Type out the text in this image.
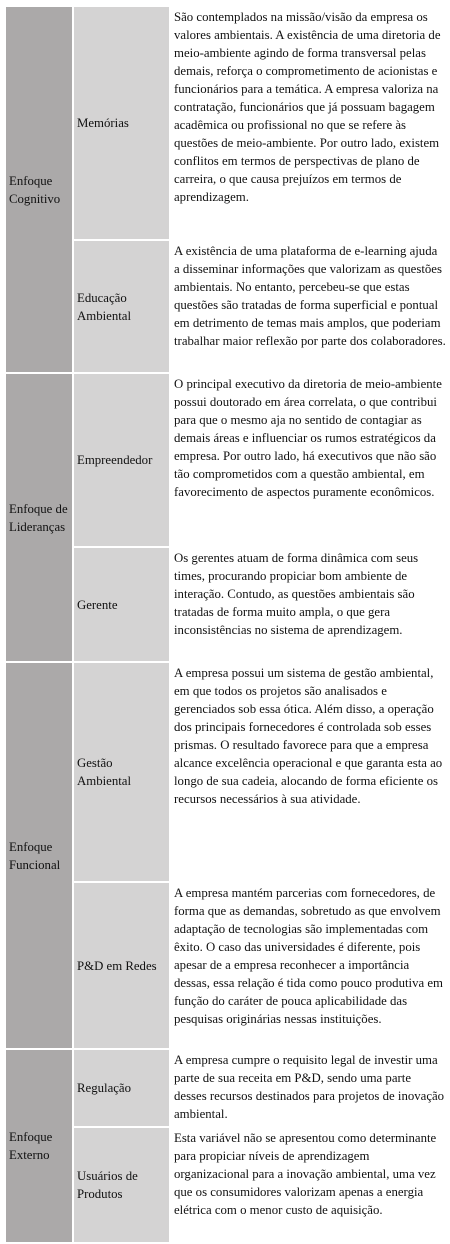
Enfoque Cognitivo	Memórias	São contemplados na missão/visão da empresa os valores ambientais. A existência de uma diretoria de meio-ambiente agindo de forma transversal pelas demais, reforça o comprometimento de acionistas e funcionários para a temática. A empresa valoriza na contratação, funcionários que já possuam bagagem acadêmica ou profissional no que se refere às questões de meio-ambiente. Por outro lado, existem conflitos em termos de perspectivas de plano de carreira, o que causa prejuízos em termos de aprendizagem.
	Educação Ambiental	A existência de uma plataforma de e-learning ajuda a disseminar informações que valorizam as questões ambientais. No entanto, percebeu-se que estas questões são tratadas de forma superficial e pontual em detrimento de temas mais amplos, que poderiam trabalhar maior reflexão por parte dos colaboradores.
Enfoque de Lideranças	Empreendedor	O principal executivo da diretoria de meio-ambiente possui doutorado em área correlata, o que contribui para que o mesmo aja no sentido de contagiar as demais áreas e influenciar os rumos estratégicos da empresa. Por outro lado, há executivos que não são tão comprometidos com a questão ambiental, em favorecimento de aspectos puramente econômicos.
	Gerente	Os gerentes atuam de forma dinâmica com seus times, procurando propiciar bom ambiente de interação. Contudo, as questões ambientais são tratadas de forma muito ampla, o que gera inconsistências no sistema de aprendizagem.
Enfoque Funcional	Gestão Ambiental	A empresa possui um sistema de gestão ambiental, em que todos os projetos são analisados e gerenciados sob essa ótica. Além disso, a operação dos principais fornecedores é controlada sob esses prismas. O resultado favorece para que a empresa alcance excelência operacional e que garanta esta ao longo de sua cadeia, alocando de forma eficiente os recursos necessários à sua atividade.
	P&D em Redes	A empresa mantém parcerias com fornecedores, de forma que as demandas, sobretudo as que envolvem adaptação de tecnologias são implementadas com êxito. O caso das universidades é diferente, pois apesar de a empresa reconhecer a importância dessas, essa relação é tida como pouco produtiva em função do caráter de pouca aplicabilidade das pesquisas originárias nessas instituições.
Enfoque Externo	Regulação	A empresa cumpre o requisito legal de investir uma parte de sua receita em P&D, sendo uma parte desses recursos destinados para projetos de inovação ambiental.
	Usuários de Produtos	Esta variável não se apresentou como determinante para propiciar níveis de aprendizagem organizacional para a inovação ambiental, uma vez que os consumidores valorizam apenas a energia elétrica com o menor custo de aquisição.
